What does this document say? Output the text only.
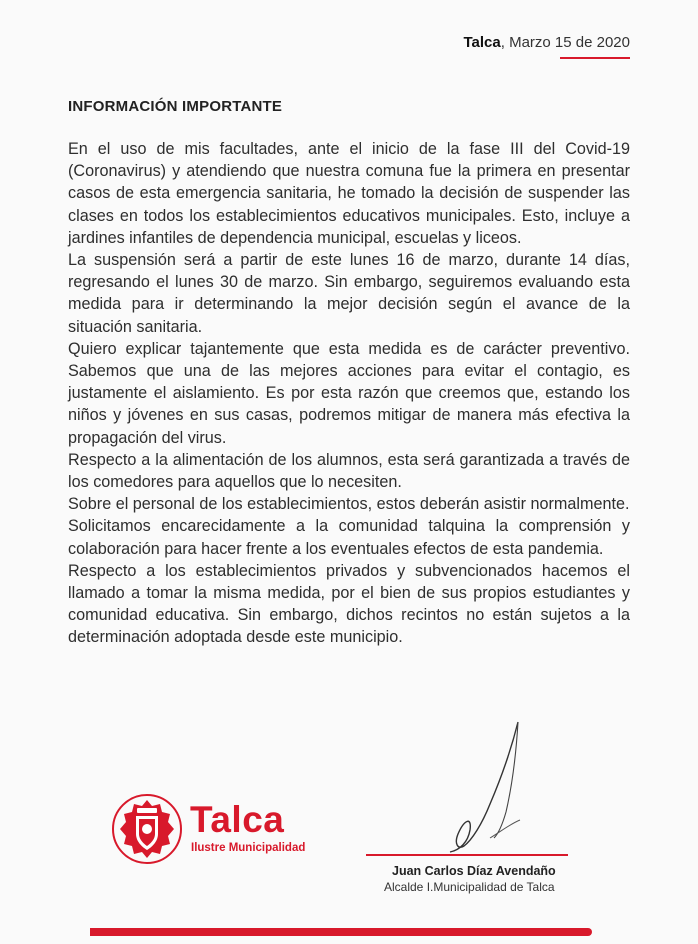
Talca, Marzo 15 de 2020
INFORMACIÓN IMPORTANTE

En el uso de mis facultades, ante el inicio de la fase III del Covid-19 (Coronavirus) y atendiendo que nuestra comuna fue la primera en presentar casos de esta emergencia sanitaria, he tomado la decisión de suspender las clases en todos los establecimientos educativos municipales. Esto, incluye a jardines infantiles de dependencia municipal, escuelas y liceos.

La suspensión será a partir de este lunes 16 de marzo, durante 14 días, regresando el lunes 30 de marzo. Sin embargo, seguiremos evaluando esta medida para ir determinando la mejor decisión según el avance de la situación sanitaria.

Quiero explicar tajantemente que esta medida es de carácter preventivo. Sabemos que una de las mejores acciones para evitar el contagio, es justamente el aislamiento. Es por esta razón que creemos que, estando los niños y jóvenes en sus casas, podremos mitigar de manera más efectiva la propagación del virus.

Respecto a la alimentación de los alumnos, esta será garantizada a través de los comedores para aquellos que lo necesiten.

Sobre el personal de los establecimientos, estos deberán asistir normalmente.

Solicitamos encarecidamente a la comunidad talquina la comprensión y colaboración para hacer frente a los eventuales efectos de esta pandemia.

Respecto a los establecimientos privados y subvencionados hacemos el llamado a tomar la misma medida, por el bien de sus propios estudiantes y comunidad educativa. Sin embargo, dichos recintos no están sujetos a la determinación adoptada desde este municipio.

Juan Carlos Díaz Avendaño
Alcalde I.Municipalidad de Talca
Talca
Ilustre Municipalidad
